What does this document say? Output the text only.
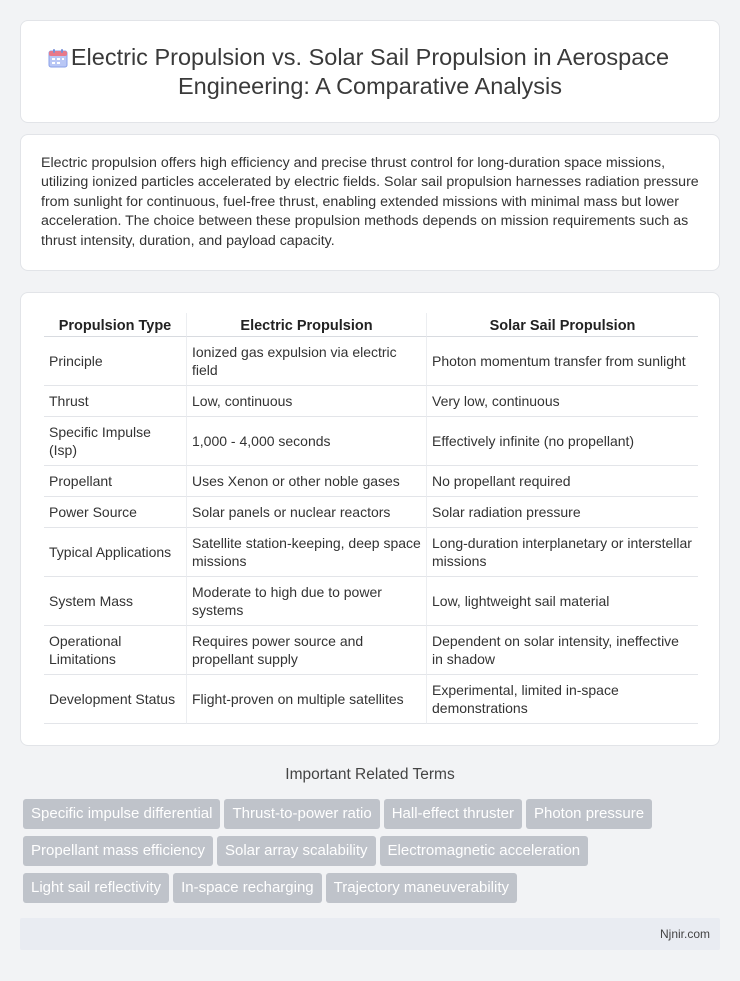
Electric Propulsion vs. Solar Sail Propulsion in Aerospace Engineering: A Comparative Analysis
Electric propulsion offers high efficiency and precise thrust control for long-duration space missions, utilizing ionized particles accelerated by electric fields. Solar sail propulsion harnesses radiation pressure from sunlight for continuous, fuel-free thrust, enabling extended missions with minimal mass but lower acceleration. The choice between these propulsion methods depends on mission requirements such as thrust intensity, duration, and payload capacity.
Propulsion Type	Electric Propulsion	Solar Sail Propulsion
Principle	Ionized gas expulsion via electric field	Photon momentum transfer from sunlight
Thrust	Low, continuous	Very low, continuous
Specific Impulse (Isp)	1,000 - 4,000 seconds	Effectively infinite (no propellant)
Propellant	Uses Xenon or other noble gases	No propellant required
Power Source	Solar panels or nuclear reactors	Solar radiation pressure
Typical Applications	Satellite station-keeping, deep space missions	Long-duration interplanetary or interstellar missions
System Mass	Moderate to high due to power systems	Low, lightweight sail material
Operational Limitations	Requires power source and propellant supply	Dependent on solar intensity, ineffective in shadow
Development Status	Flight-proven on multiple satellites	Experimental, limited in-space demonstrations
Important Related Terms
Specific impulse differential Thrust-to-power ratio Hall-effect thruster Photon pressure
Propellant mass efficiency Solar array scalability Electromagnetic acceleration
Light sail reflectivity In-space recharging Trajectory maneuverability
Njnir.com
